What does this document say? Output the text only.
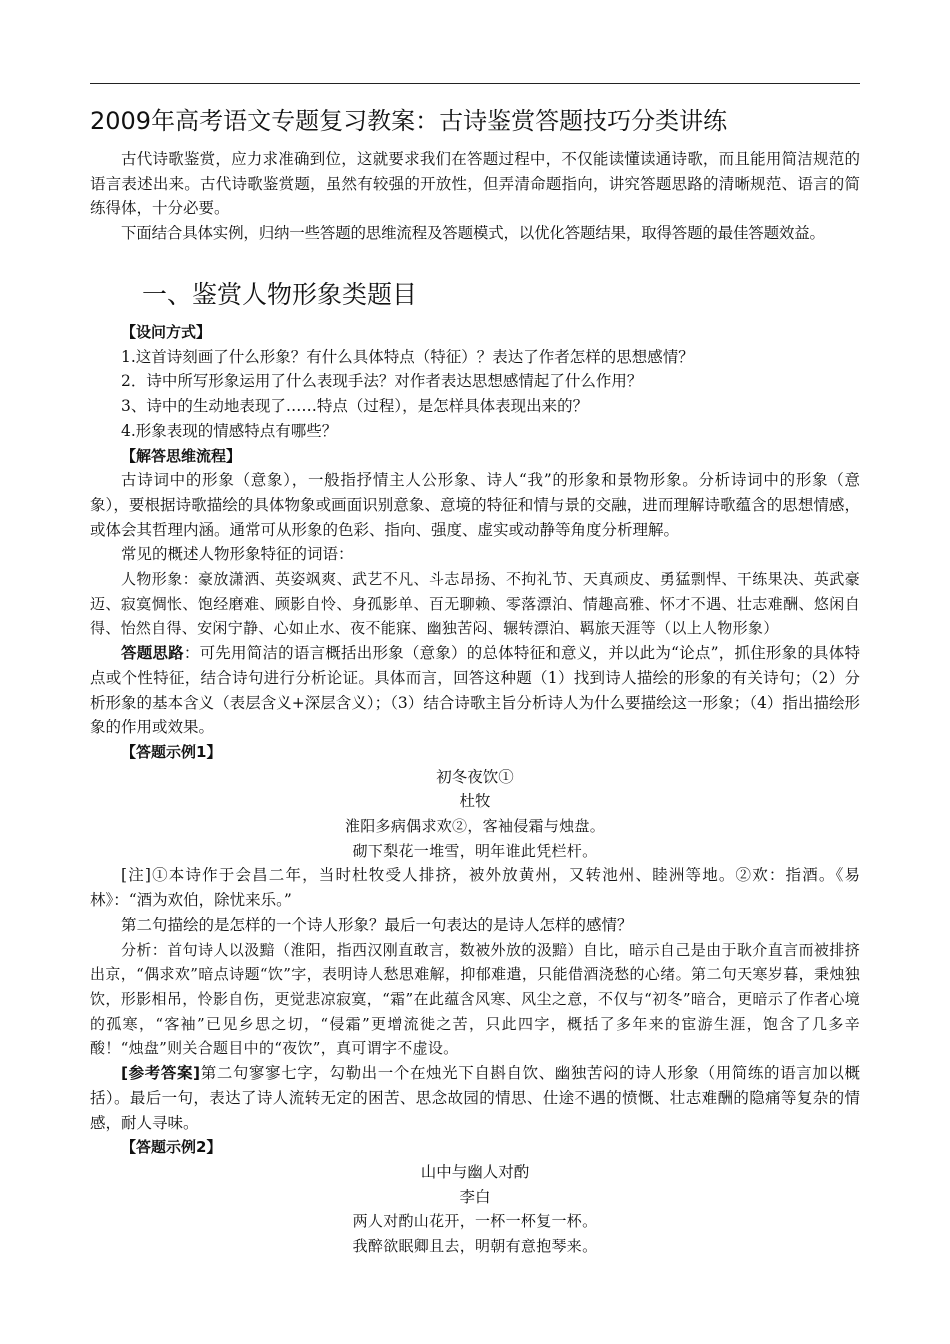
2009年高考语文专题复习教案：古诗鉴赏答题技巧分类讲练

古代诗歌鉴赏，应力求准确到位，这就要求我们在答题过程中，不仅能读懂读通诗歌，而且能用简洁规范的语言表述出来。古代诗歌鉴赏题，虽然有较强的开放性，但弄清命题指向，讲究答题思路的清晰规范、语言的简练得体，十分必要。

下面结合具体实例，归纳一些答题的思维流程及答题模式，以优化答题结果，取得答题的最佳答题效益。

一、鉴赏人物形象类题目
【设问方式】

1.这首诗刻画了什么形象？有什么具体特点（特征）？表达了作者怎样的思想感情？

2．诗中所写形象运用了什么表现手法？对作者表达思想感情起了什么作用？

3、诗中的生动地表现了……特点（过程），是怎样具体表现出来的？

4.形象表现的情感特点有哪些？

【解答思维流程】

古诗词中的形象（意象），一般指抒情主人公形象、诗人“我”的形象和景物形象。分析诗词中的形象（意象），要根据诗歌描绘的具体物象或画面识别意象、意境的特征和情与景的交融，进而理解诗歌蕴含的思想情感，或体会其哲理内涵。通常可从形象的色彩、指向、强度、虚实或动静等角度分析理解。

常见的概述人物形象特征的词语：

人物形象：豪放潇洒、英姿飒爽、武艺不凡、斗志昂扬、不拘礼节、天真顽皮、勇猛剽悍、干练果决、英武豪迈、寂寞惆怅、饱经磨难、顾影自怜、身孤影单、百无聊赖、零落漂泊、情趣高雅、怀才不遇、壮志难酬、悠闲自得、怡然自得、安闲宁静、心如止水、夜不能寐、幽独苦闷、辗转漂泊、羁旅天涯等（以上人物形象）

答题思路：可先用简洁的语言概括出形象（意象）的总体特征和意义，并以此为“论点”，抓住形象的具体特点或个性特征，结合诗句进行分析论证。具体而言，回答这种题（1）找到诗人描绘的形象的有关诗句；（2）分析形象的基本含义（表层含义+深层含义）；（3）结合诗歌主旨分析诗人为什么要描绘这一形象；（4）指出描绘形象的作用或效果。

【答题示例1】
初冬夜饮①
杜牧
淮阳多病偶求欢②，客袖侵霜与烛盘。
砌下梨花一堆雪，明年谁此凭栏杆。

[注]①本诗作于会昌二年，当时杜牧受人排挤，被外放黄州，又转池州、睦洲等地。②欢：指酒。《易林》：“酒为欢伯，除忧来乐。”

第二句描绘的是怎样的一个诗人形象？最后一句表达的是诗人怎样的感情？

分析：首句诗人以汲黯（淮阳，指西汉刚直敢言，数被外放的汲黯）自比，暗示自己是由于耿介直言而被排挤出京，“偶求欢”暗点诗题“饮”字，表明诗人愁思难解，抑郁难遣，只能借酒浇愁的心绪。第二句天寒岁暮，秉烛独饮，形影相吊，怜影自伤，更觉悲凉寂寞，“霜”在此蕴含风寒、风尘之意，不仅与“初冬”暗合，更暗示了作者心境的孤寒，“客袖”已见乡思之切，“侵霜”更增流徙之苦，只此四字，概括了多年来的宦游生涯，饱含了几多辛酸！“烛盘”则关合题目中的“夜饮”，真可谓字不虚设。

[参考答案]第二句寥寥七字，勾勒出一个在烛光下自斟自饮、幽独苦闷的诗人形象（用简练的语言加以概括）。最后一句，表达了诗人流转无定的困苦、思念故园的情思、仕途不遇的愤慨、壮志难酬的隐痛等复杂的情感，耐人寻味。

【答题示例2】
山中与幽人对酌
李白
两人对酌山花开，一杯一杯复一杯。
我醉欲眠卿且去，明朝有意抱琴来。
